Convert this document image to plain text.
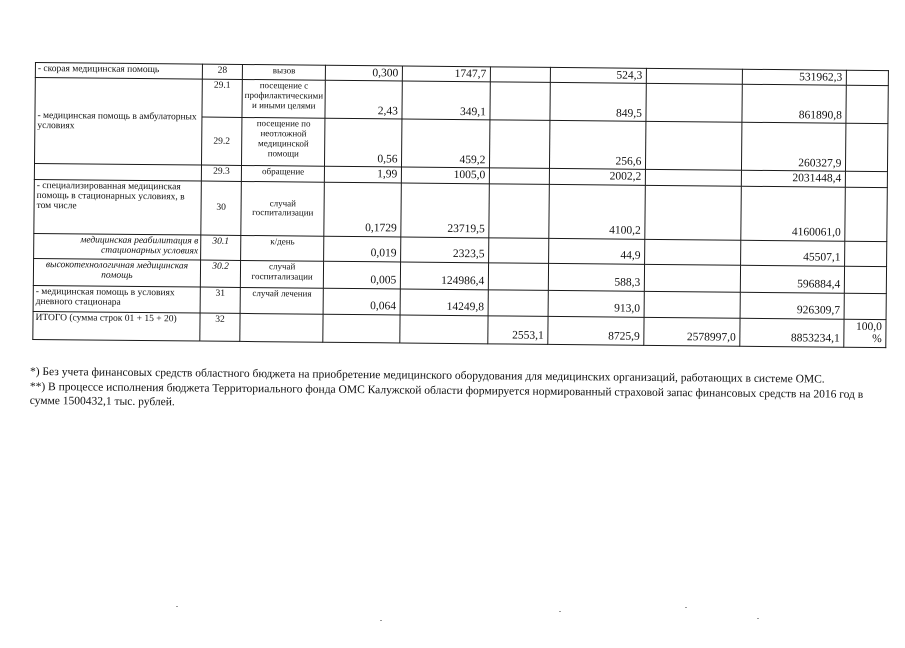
- скорая медицинская помощь	28	вызов	0,300	1747,7		524,3		531962,3	
- медицинская помощь в амбулаторных условиях	29.1	посещение с профилактическими и иными целями	2,43	349,1		849,5		861890,8	
	29.2	посещение по неотложной медицинской помощи	0,56	459,2		256,6		260327,9	
	29.3	обращение	1,99	1005,0		2002,2		2031448,4	
- специализированная медицинская помощь в стационарных условиях, в том числе	30	случай госпитализации	0,1729	23719,5		4100,2		4160061,0	
медицинская реабилитация в стационарных условиях	30.1	к/день	0,019	2323,5		44,9		45507,1	
высокотехнологичная медицинская помощь	30.2	случай госпитализации	0,005	124986,4		588,3		596884,4	
- медицинская помощь в условиях дневного стационара	31	случай лечения	0,064	14249,8		913,0		926309,7	
ИТОГО (сумма строк 01 + 15 + 20)	32				2553,1	8725,9	2578997,0	8853234,1	100,0 %
*) Без учета финансовых средств областного бюджета на приобретение медицинского оборудования для медицинских организаций, работающих в системе ОМС.
**) В процессе исполнения бюджета Территориального фонда ОМС Калужской области формируется нормированный страховой запас финансовых средств на 2016 год в сумме 1500432,1 тыс. рублей.
